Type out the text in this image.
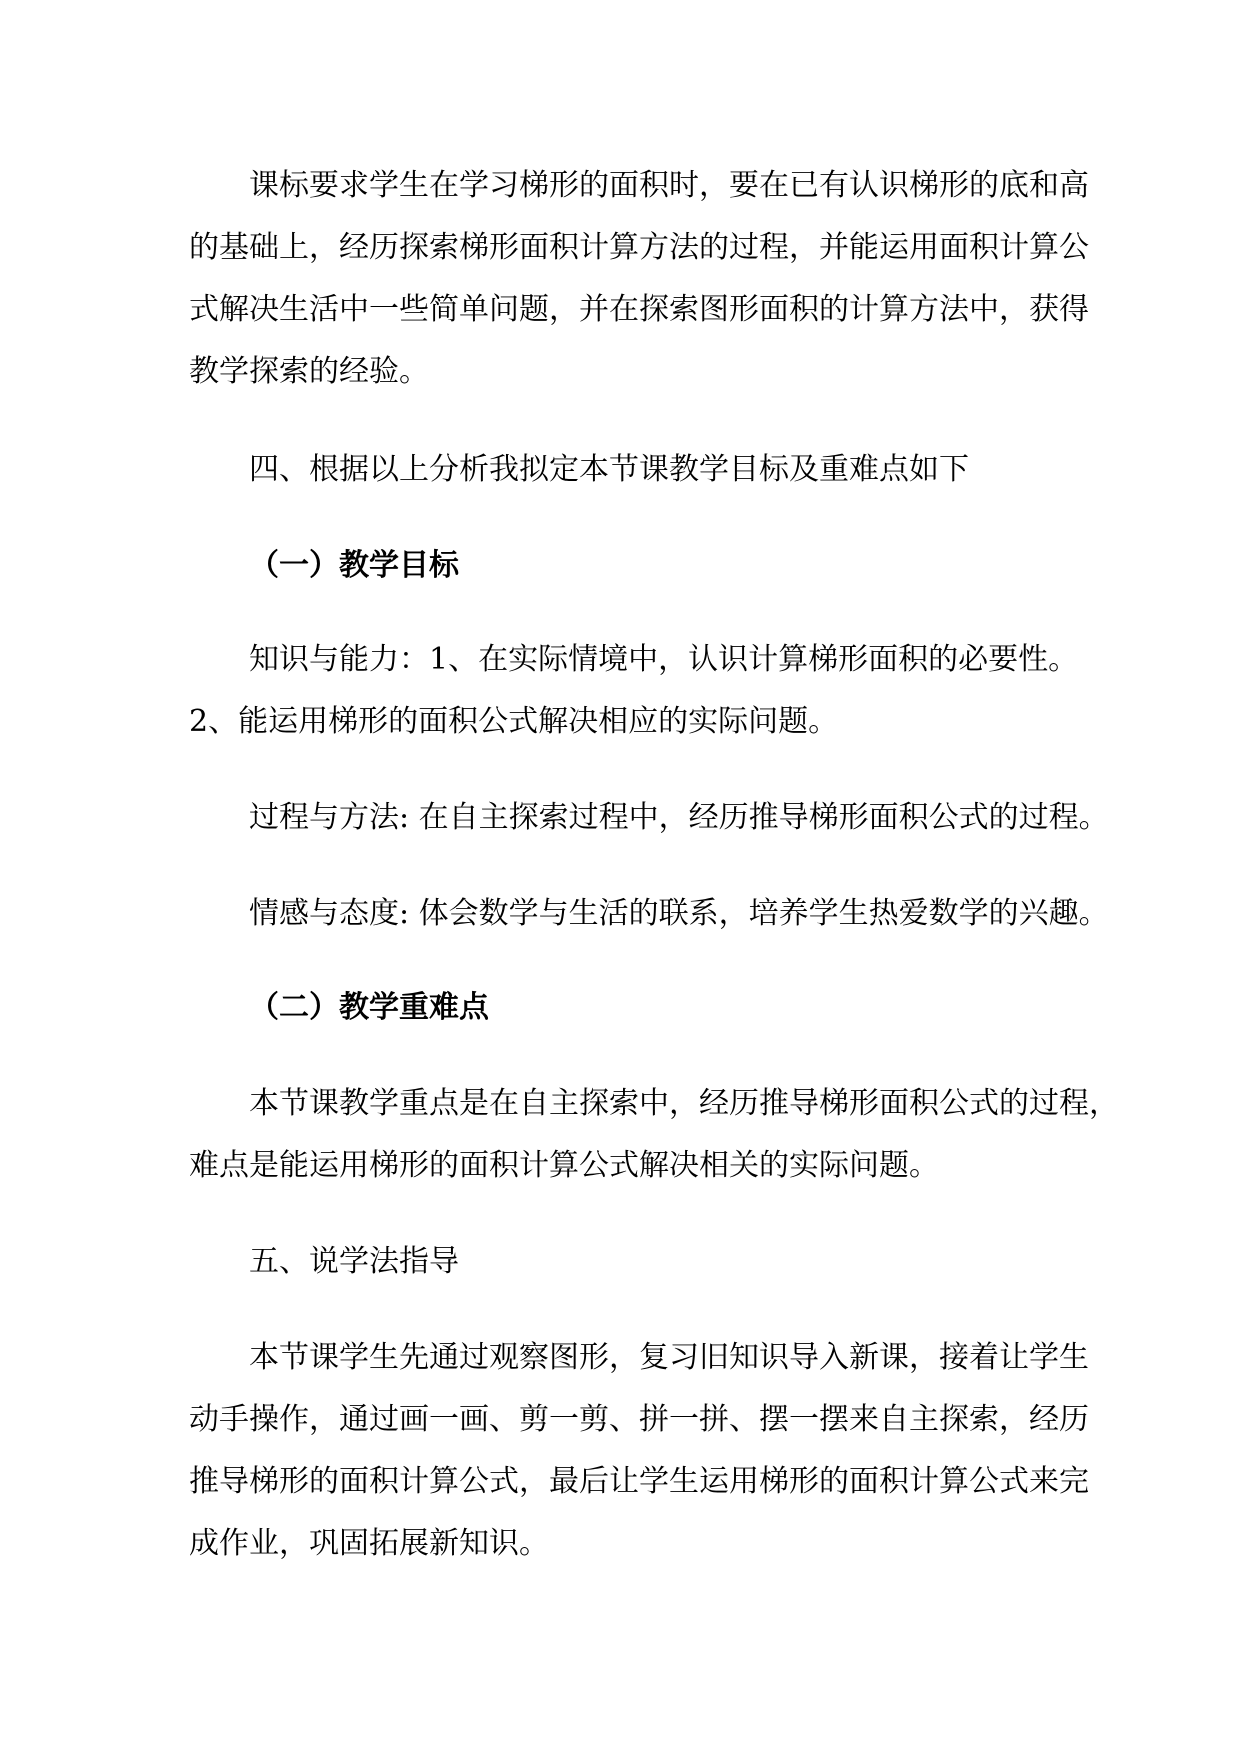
课标要求学生在学习梯形的面积时，要在已有认识梯形的底和高
的基础上，经历探索梯形面积计算方法的过程，并能运用面积计算公
式解决生活中一些简单问题，并在探索图形面积的计算方法中，获得
教学探索的经验。
四、根据以上分析我拟定本节课教学目标及重难点如下
（一）教学目标
知识与能力：1、在实际情境中，认识计算梯形面积的必要性。
2、能运用梯形的面积公式解决相应的实际问题。
过程与方法: 在自主探索过程中，经历推导梯形面积公式的过程。
情感与态度: 体会数学与生活的联系，培养学生热爱数学的兴趣。
（二）教学重难点
本节课教学重点是在自主探索中，经历推导梯形面积公式的过程，
难点是能运用梯形的面积计算公式解决相关的实际问题。
五、说学法指导
本节课学生先通过观察图形，复习旧知识导入新课，接着让学生
动手操作，通过画一画、剪一剪、拼一拼、摆一摆来自主探索，经历
推导梯形的面积计算公式，最后让学生运用梯形的面积计算公式来完
成作业，巩固拓展新知识。
